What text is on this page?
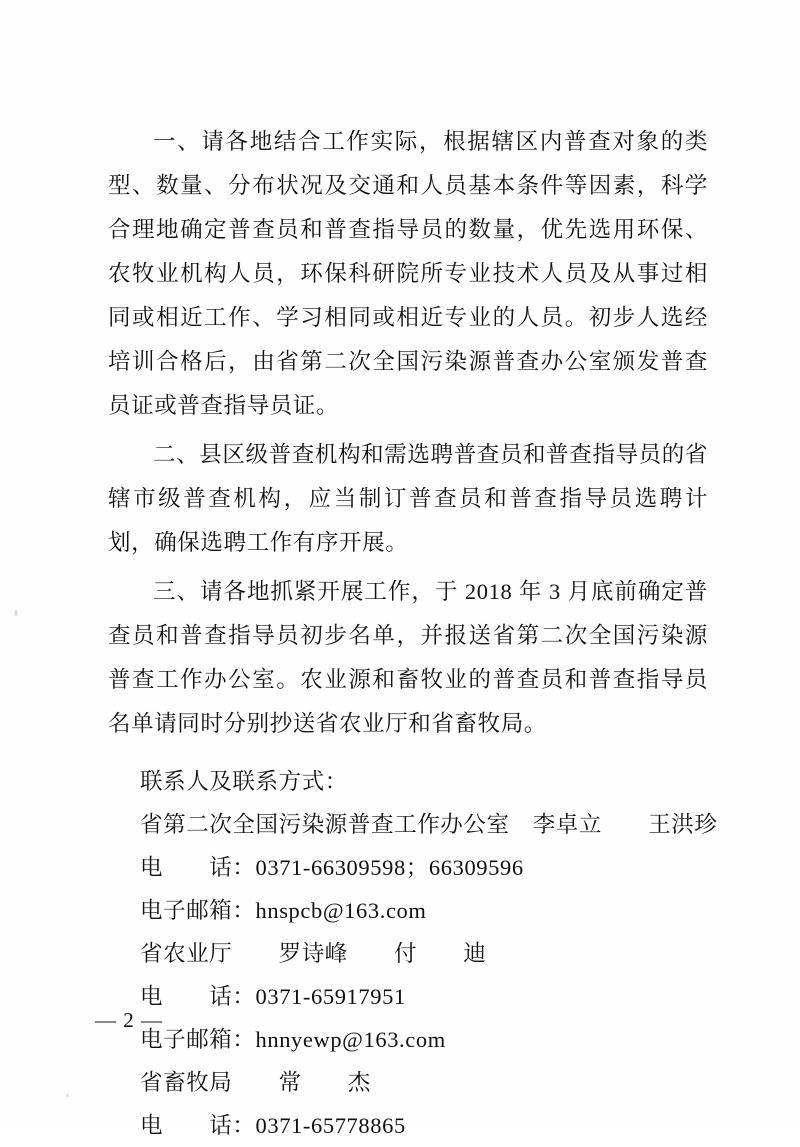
一、请各地结合工作实际，根据辖区内普查对象的类型、数量、分布状况及交通和人员基本条件等因素，科学合理地确定普查员和普查指导员的数量，优先选用环保、农牧业机构人员，环保科研院所专业技术人员及从事过相同或相近工作、学习相同或相近专业的人员。初步人选经培训合格后，由省第二次全国污染源普查办公室颁发普查员证或普查指导员证。

二、县区级普查机构和需选聘普查员和普查指导员的省辖市级普查机构，应当制订普查员和普查指导员选聘计划，确保选聘工作有序开展。

三、请各地抓紧开展工作，于 2018 年 3 月底前确定普查员和普查指导员初步名单，并报送省第二次全国污染源普查工作办公室。农业源和畜牧业的普查员和普查指导员名单请同时分别抄送省农业厅和省畜牧局。

联系人及联系方式：
省第二次全国污染源普查工作办公室　李卓立　　王洪珍
电　　话：0371-66309598；66309596
电子邮箱：hnspcb@163.com
省农业厅　　罗诗峰　　付　　迪
电　　话：0371-65917951
电子邮箱：hnnyewp@163.com
省畜牧局　　常　　杰
电　　话：0371-65778865
— 2 —
